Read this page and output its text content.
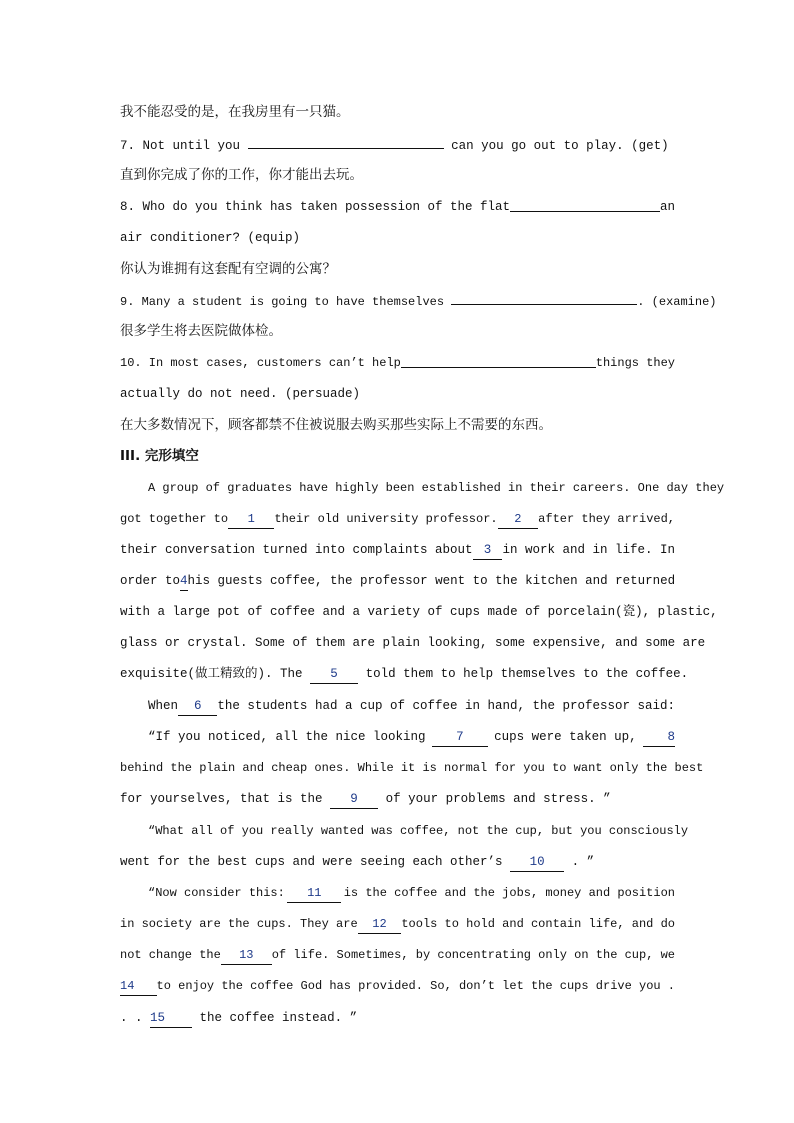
我不能忍受的是，在我房里有一只猫。
7. Not until you	can you go out to play. (get)
直到你完成了你的工作，你才能出去玩。
8. Who do you think has taken possession of the flat	an
air conditioner? (equip)
你认为谁拥有这套配有空调的公寓？
9. Many a student is going to have themselves	. (examine)
很多学生将去医院做体检。
10. In most cases, customers can’t help	things they
actually do not need. (persuade)
在大多数情况下，顾客都禁不住被说服去购买那些实际上不需要的东西。
III. 完形填空
A group of graduates have highly been established in their careers. One day they
got together to	1	their old university professor.	2	after they arrived,
their conversation turned into complaints about 3 in work and in life. In
order to 4 his guests coffee, the professor went to the kitchen and returned
with a large pot of coffee and a variety of cups made of porcelain(瓷), plastic,
glass or crystal. Some of them are plain looking, some expensive, and some are
exquisite(做工精致的). The 5 told them to help themselves to the coffee.
When	6	the students had a cup of coffee in hand, the professor said:
“If you noticed, all the nice looking	7	cups were taken up,	8
behind the plain and cheap ones. While it is normal for you to want only the best
for yourselves, that is the 9 of your problems and stress. ”
“What all of you really wanted was coffee, not the cup, but you consciously
went for the best cups and were seeing each other’s 10 . ”
“Now consider this:	11	is the coffee and the jobs, money and position
in society are the cups. They are	12	tools to hold and contain life, and do
not change the	13	of life. Sometimes, by concentrating only on the cup, we
14	to enjoy the coffee God has provided. So, don’t let the cups drive you .
. . 15	the coffee instead. ”
